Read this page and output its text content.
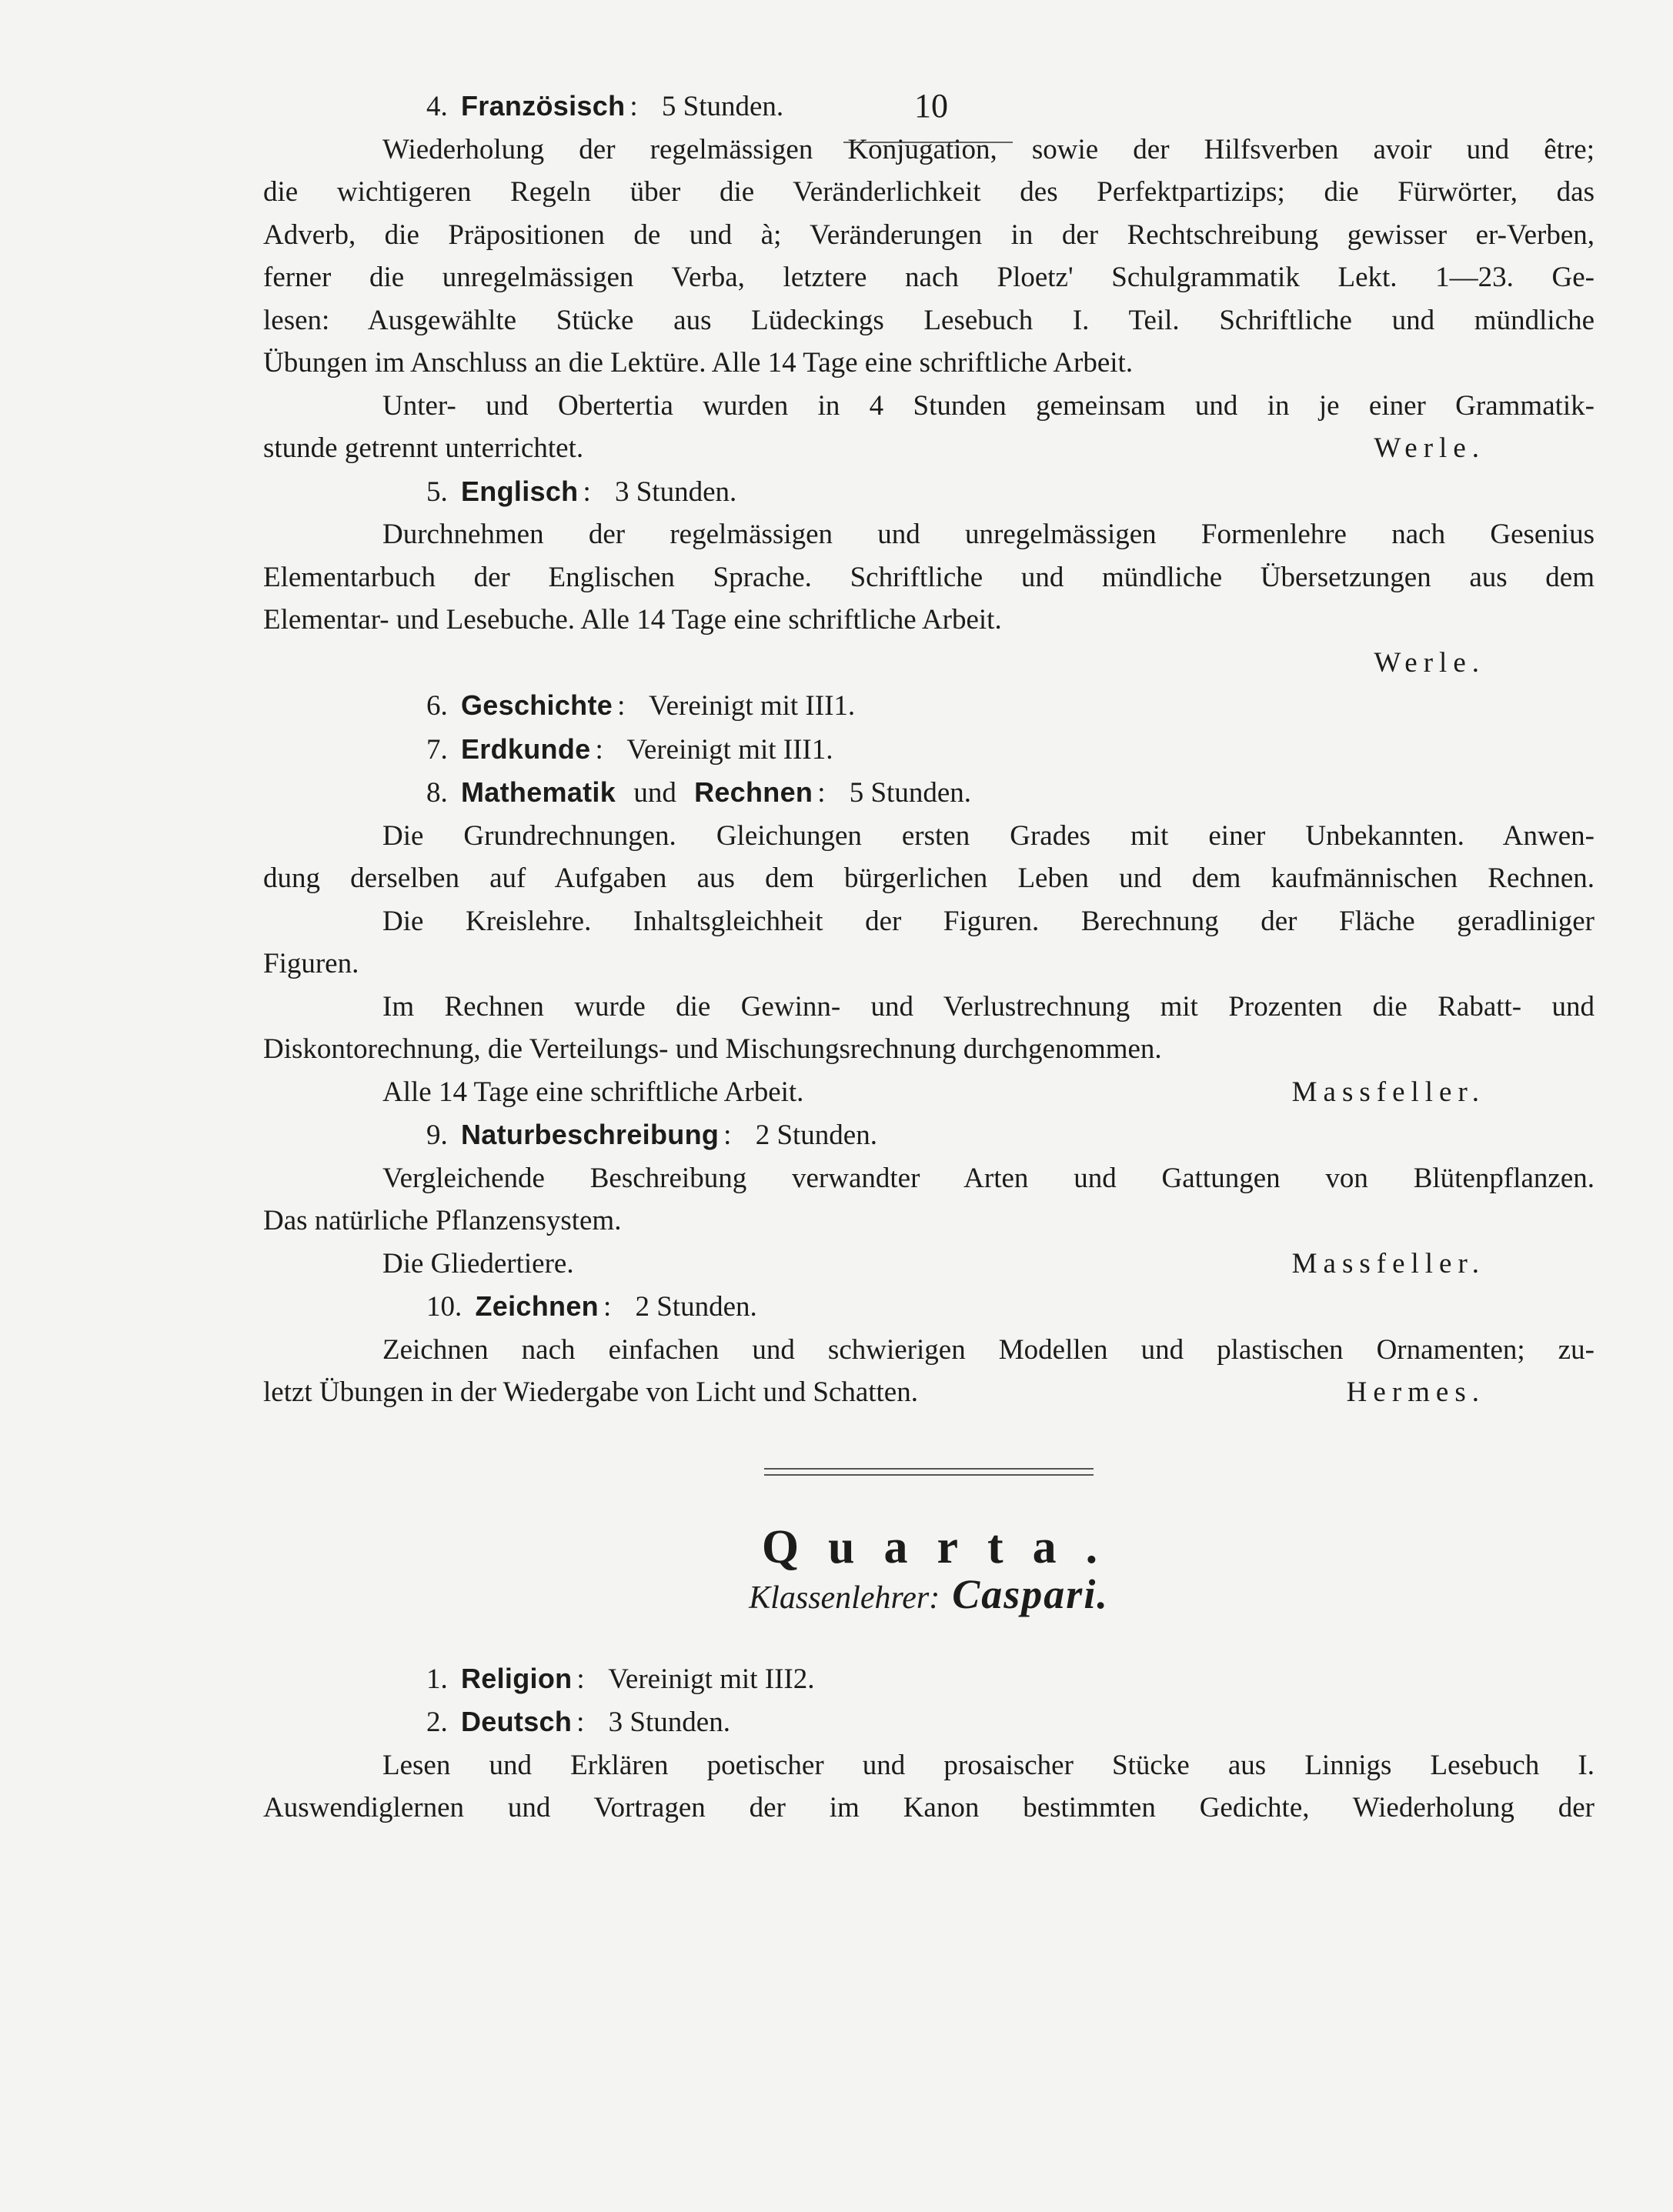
10
4. Französisch : 5 Stunden.
Wiederholung der regelmässigen Konjugation, sowie der Hilfsverben avoir und être;
die wichtigeren Regeln über die Veränderlichkeit des Perfektpartizips; die Fürwörter, das
Adverb, die Präpositionen de und à; Veränderungen in der Rechtschreibung gewisser er-Verben,
ferner die unregelmässigen Verba, letztere nach Ploetz' Schulgrammatik Lekt. 1—23. Ge-
lesen: Ausgewählte Stücke aus Lüdeckings Lesebuch I. Teil. Schriftliche und mündliche
Übungen im Anschluss an die Lektüre. Alle 14 Tage eine schriftliche Arbeit.
Unter- und Obertertia wurden in 4 Stunden gemeinsam und in je einer Grammatik-
Werle.
stunde getrennt unterrichtet.
5. Englisch : 3 Stunden.
Durchnehmen der regelmässigen und unregelmässigen Formenlehre nach Gesenius
Elementarbuch der Englischen Sprache. Schriftliche und mündliche Übersetzungen aus dem
Elementar- und Lesebuche. Alle 14 Tage eine schriftliche Arbeit.
Werle.
6. Geschichte : Vereinigt mit III1.
7. Erdkunde : Vereinigt mit III1.
8. Mathematik und Rechnen : 5 Stunden.
Die Grundrechnungen. Gleichungen ersten Grades mit einer Unbekannten. Anwen-
dung derselben auf Aufgaben aus dem bürgerlichen Leben und dem kaufmännischen Rechnen.
Die Kreislehre. Inhaltsgleichheit der Figuren. Berechnung der Fläche geradliniger
Figuren.
Im Rechnen wurde die Gewinn- und Verlustrechnung mit Prozenten die Rabatt- und
Diskontorechnung, die Verteilungs- und Mischungsrechnung durchgenommen.
Massfeller.
Alle 14 Tage eine schriftliche Arbeit.
9. Naturbeschreibung : 2 Stunden.
Vergleichende Beschreibung verwandter Arten und Gattungen von Blütenpflanzen.
Das natürliche Pflanzensystem.
Massfeller.
Die Gliedertiere.
10. Zeichnen : 2 Stunden.
Zeichnen nach einfachen und schwierigen Modellen und plastischen Ornamenten; zu-
Hermes.
letzt Übungen in der Wiedergabe von Licht und Schatten.
Quarta.
Klassenlehrer: Caspari.
1. Religion : Vereinigt mit III2.
2. Deutsch : 3 Stunden.
Lesen und Erklären poetischer und prosaischer Stücke aus Linnigs Lesebuch I.
Auswendiglernen und Vortragen der im Kanon bestimmten Gedichte, Wiederholung der
